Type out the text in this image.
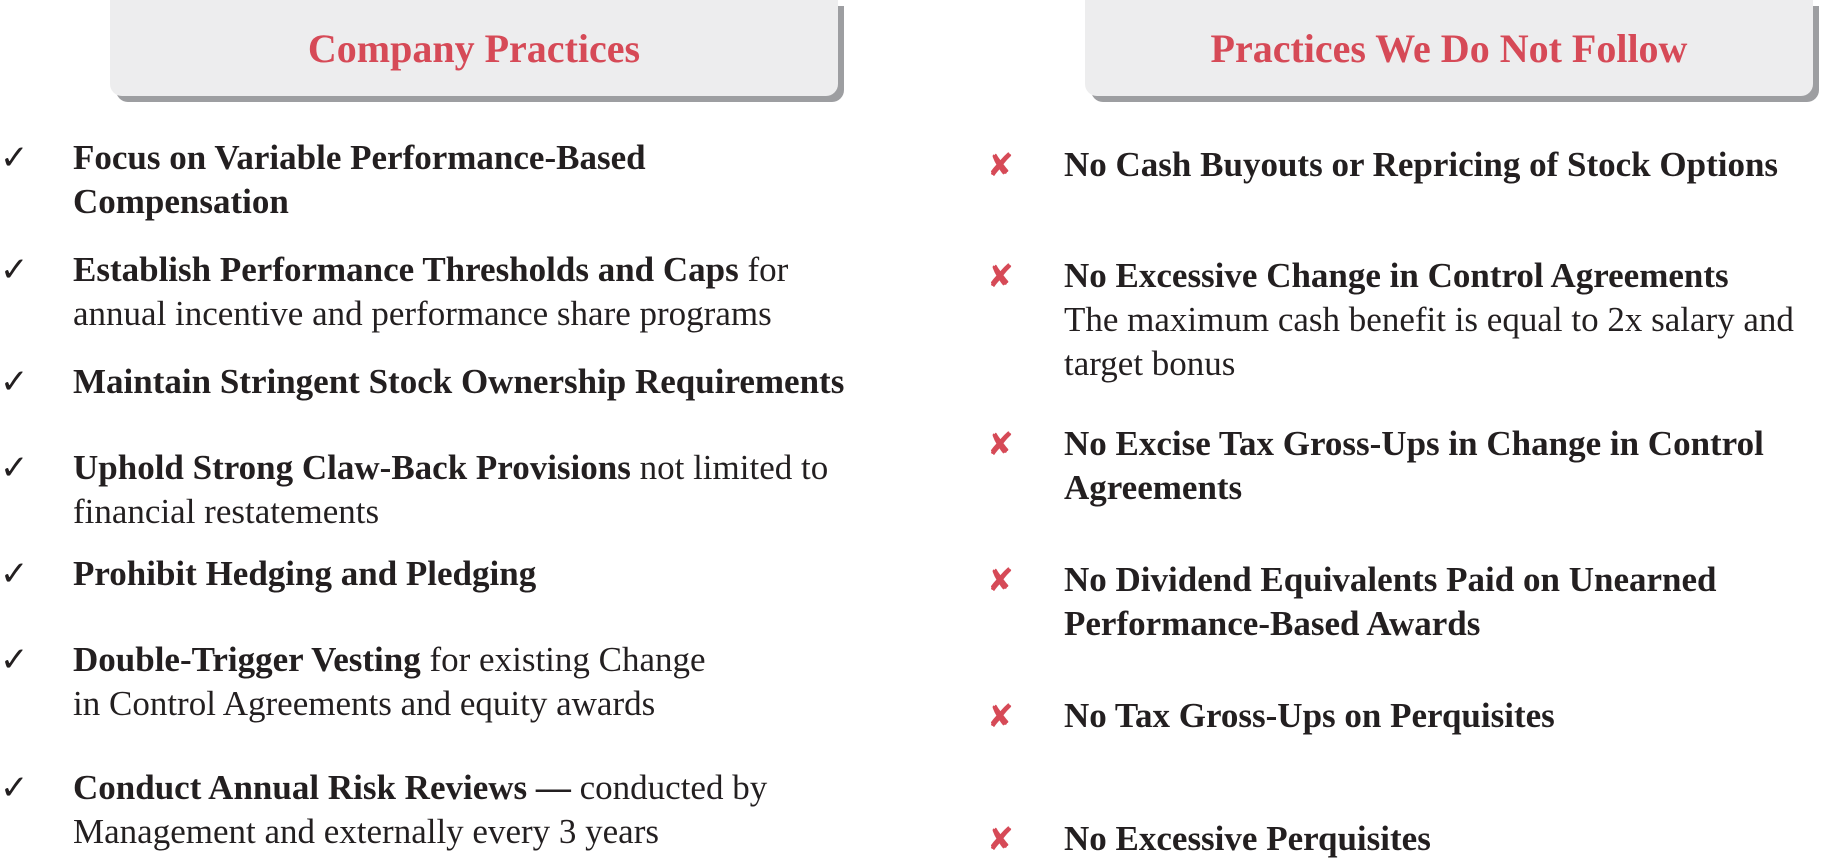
Company Practices	Practices We Do Not Follow
✓ Focus on Variable Performance-Based
Compensation
✓ Establish Performance Thresholds and Caps for
annual incentive and performance share programs
✓ Maintain Stringent Stock Ownership Requirements
✓ Uphold Strong Claw-Back Provisions not limited to
financial restatements
✓ Prohibit Hedging and Pledging
✓ Double-Trigger Vesting for existing Change
in Control Agreements and equity awards
✓ Conduct Annual Risk Reviews — conducted by
Management and externally every 3 years
✘ No Cash Buyouts or Repricing of Stock Options
✘ No Excessive Change in Control Agreements
The maximum cash benefit is equal to 2x salary and
target bonus
✘ No Excise Tax Gross-Ups in Change in Control
Agreements
✘ No Dividend Equivalents Paid on Unearned
Performance-Based Awards
✘ No Tax Gross-Ups on Perquisites
✘ No Excessive Perquisites
